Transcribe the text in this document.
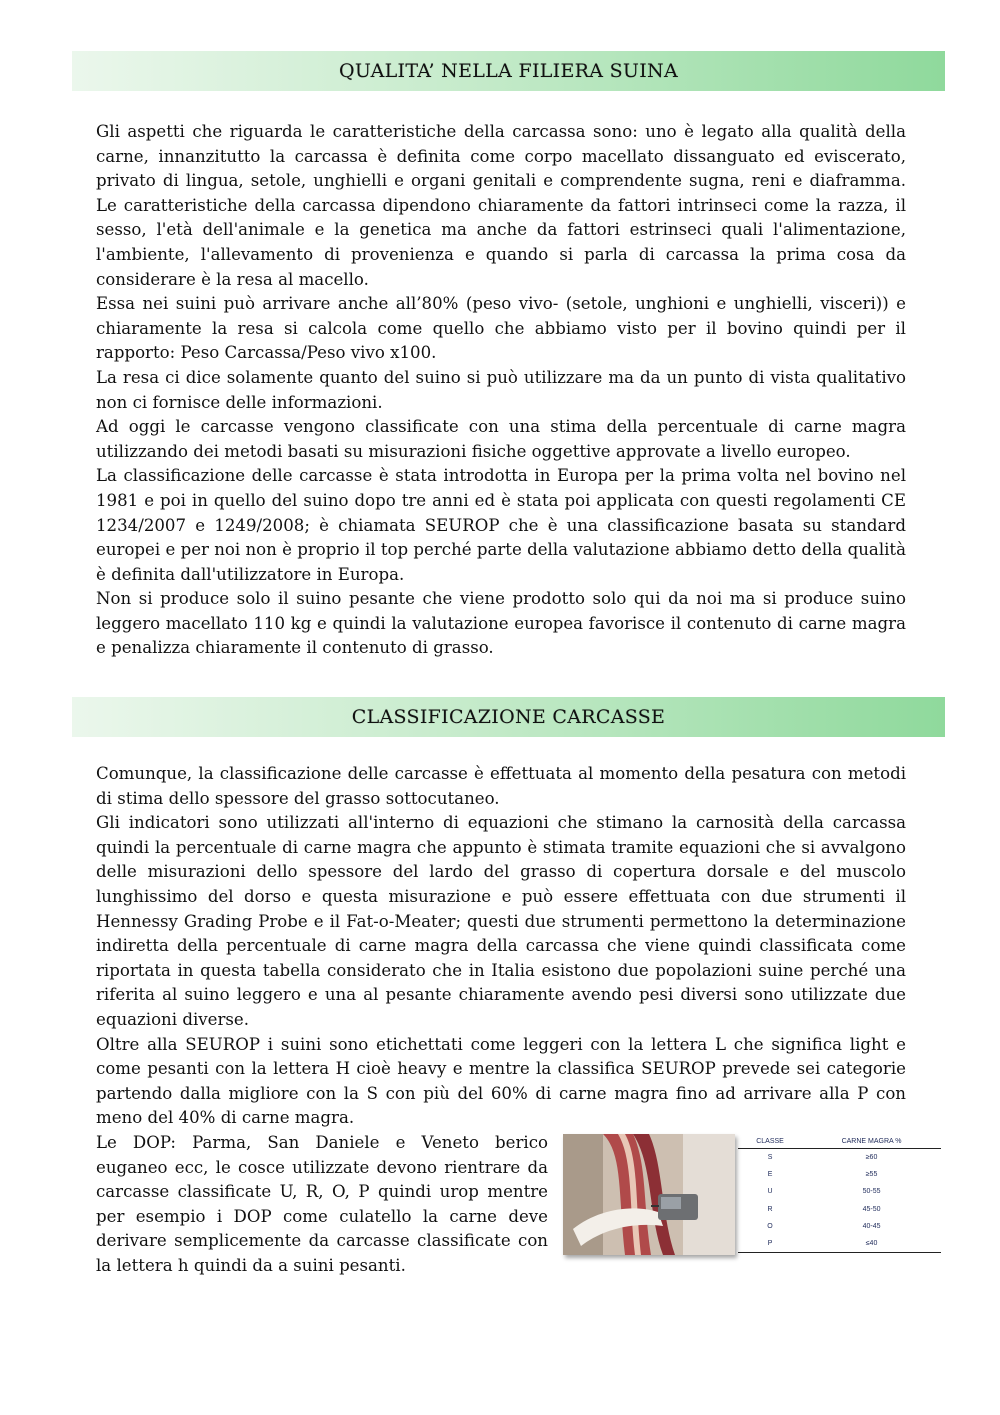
QUALITA’ NELLA FILIERA SUINA

Gli aspetti che riguarda le caratteristiche della carcassa sono: uno è legato alla qualità della carne, innanzitutto la carcassa è definita come corpo macellato dissanguato ed eviscerato, privato di lingua, setole, unghielli e organi genitali e comprendente sugna, reni e diaframma. Le caratteristiche della carcassa dipendono chiaramente da fattori intrinseci come la razza, il sesso, l'età dell'animale e la genetica ma anche da fattori estrinseci quali l'alimentazione, l'ambiente, l'allevamento di provenienza e quando si parla di carcassa la prima cosa da considerare è la resa al macello.

Essa nei suini può arrivare anche all’80% (peso vivo- (setole, unghioni e unghielli, visceri)) e chiaramente la resa si calcola come quello che abbiamo visto per il bovino quindi per il rapporto: Peso Carcassa/Peso vivo x100.

La resa ci dice solamente quanto del suino si può utilizzare ma da un punto di vista qualitativo non ci fornisce delle informazioni.

Ad oggi le carcasse vengono classificate con una stima della percentuale di carne magra utilizzando dei metodi basati su misurazioni fisiche oggettive approvate a livello europeo.

La classificazione delle carcasse è stata introdotta in Europa per la prima volta nel bovino nel 1981 e poi in quello del suino dopo tre anni ed è stata poi applicata con questi regolamenti CE 1234/2007 e 1249/2008; è chiamata SEUROP che è una classificazione basata su standard europei e per noi non è proprio il top perché parte della valutazione abbiamo detto della qualità è definita dall'utilizzatore in Europa.

Non si produce solo il suino pesante che viene prodotto solo qui da noi ma si produce suino leggero macellato 110 kg e quindi la valutazione europea favorisce il contenuto di carne magra e penalizza chiaramente il contenuto di grasso.

CLASSIFICAZIONE CARCASSE

Comunque, la classificazione delle carcasse è effettuata al momento della pesatura con metodi di stima dello spessore del grasso sottocutaneo.

Gli indicatori sono utilizzati all'interno di equazioni che stimano la carnosità della carcassa quindi la percentuale di carne magra che appunto è stimata tramite equazioni che si avvalgono delle misurazioni dello spessore del lardo del grasso di copertura dorsale e del muscolo lunghissimo del dorso e questa misurazione e può essere effettuata con due strumenti il Hennessy Grading Probe e il Fat-o-Meater; questi due strumenti permettono la determinazione indiretta della percentuale di carne magra della carcassa che viene quindi classificata come riportata in questa tabella considerato che in Italia esistono due popolazioni suine perché una riferita al suino leggero e una al pesante chiaramente avendo pesi diversi sono utilizzate due equazioni diverse.

Oltre alla SEUROP i suini sono etichettati come leggeri con la lettera L che significa light e come pesanti con la lettera H cioè heavy e mentre la classifica SEUROP prevede sei categorie partendo dalla migliore con la S con più del 60% di carne magra fino ad arrivare alla P con meno del 40% di carne magra.

Le DOP: Parma, San Daniele e Veneto berico euganeo ecc, le cosce utilizzate devono rientrare da carcasse classificate U, R, O, P quindi urop mentre per esempio i DOP come culatello la carne deve derivare semplicemente da carcasse classificate con la lettera h quindi da a suini pesanti.

CLASSE	CARNE MAGRA %
S	≥60
E	≥55
U	50-55
R	45-50
O	40-45
P	≤40
